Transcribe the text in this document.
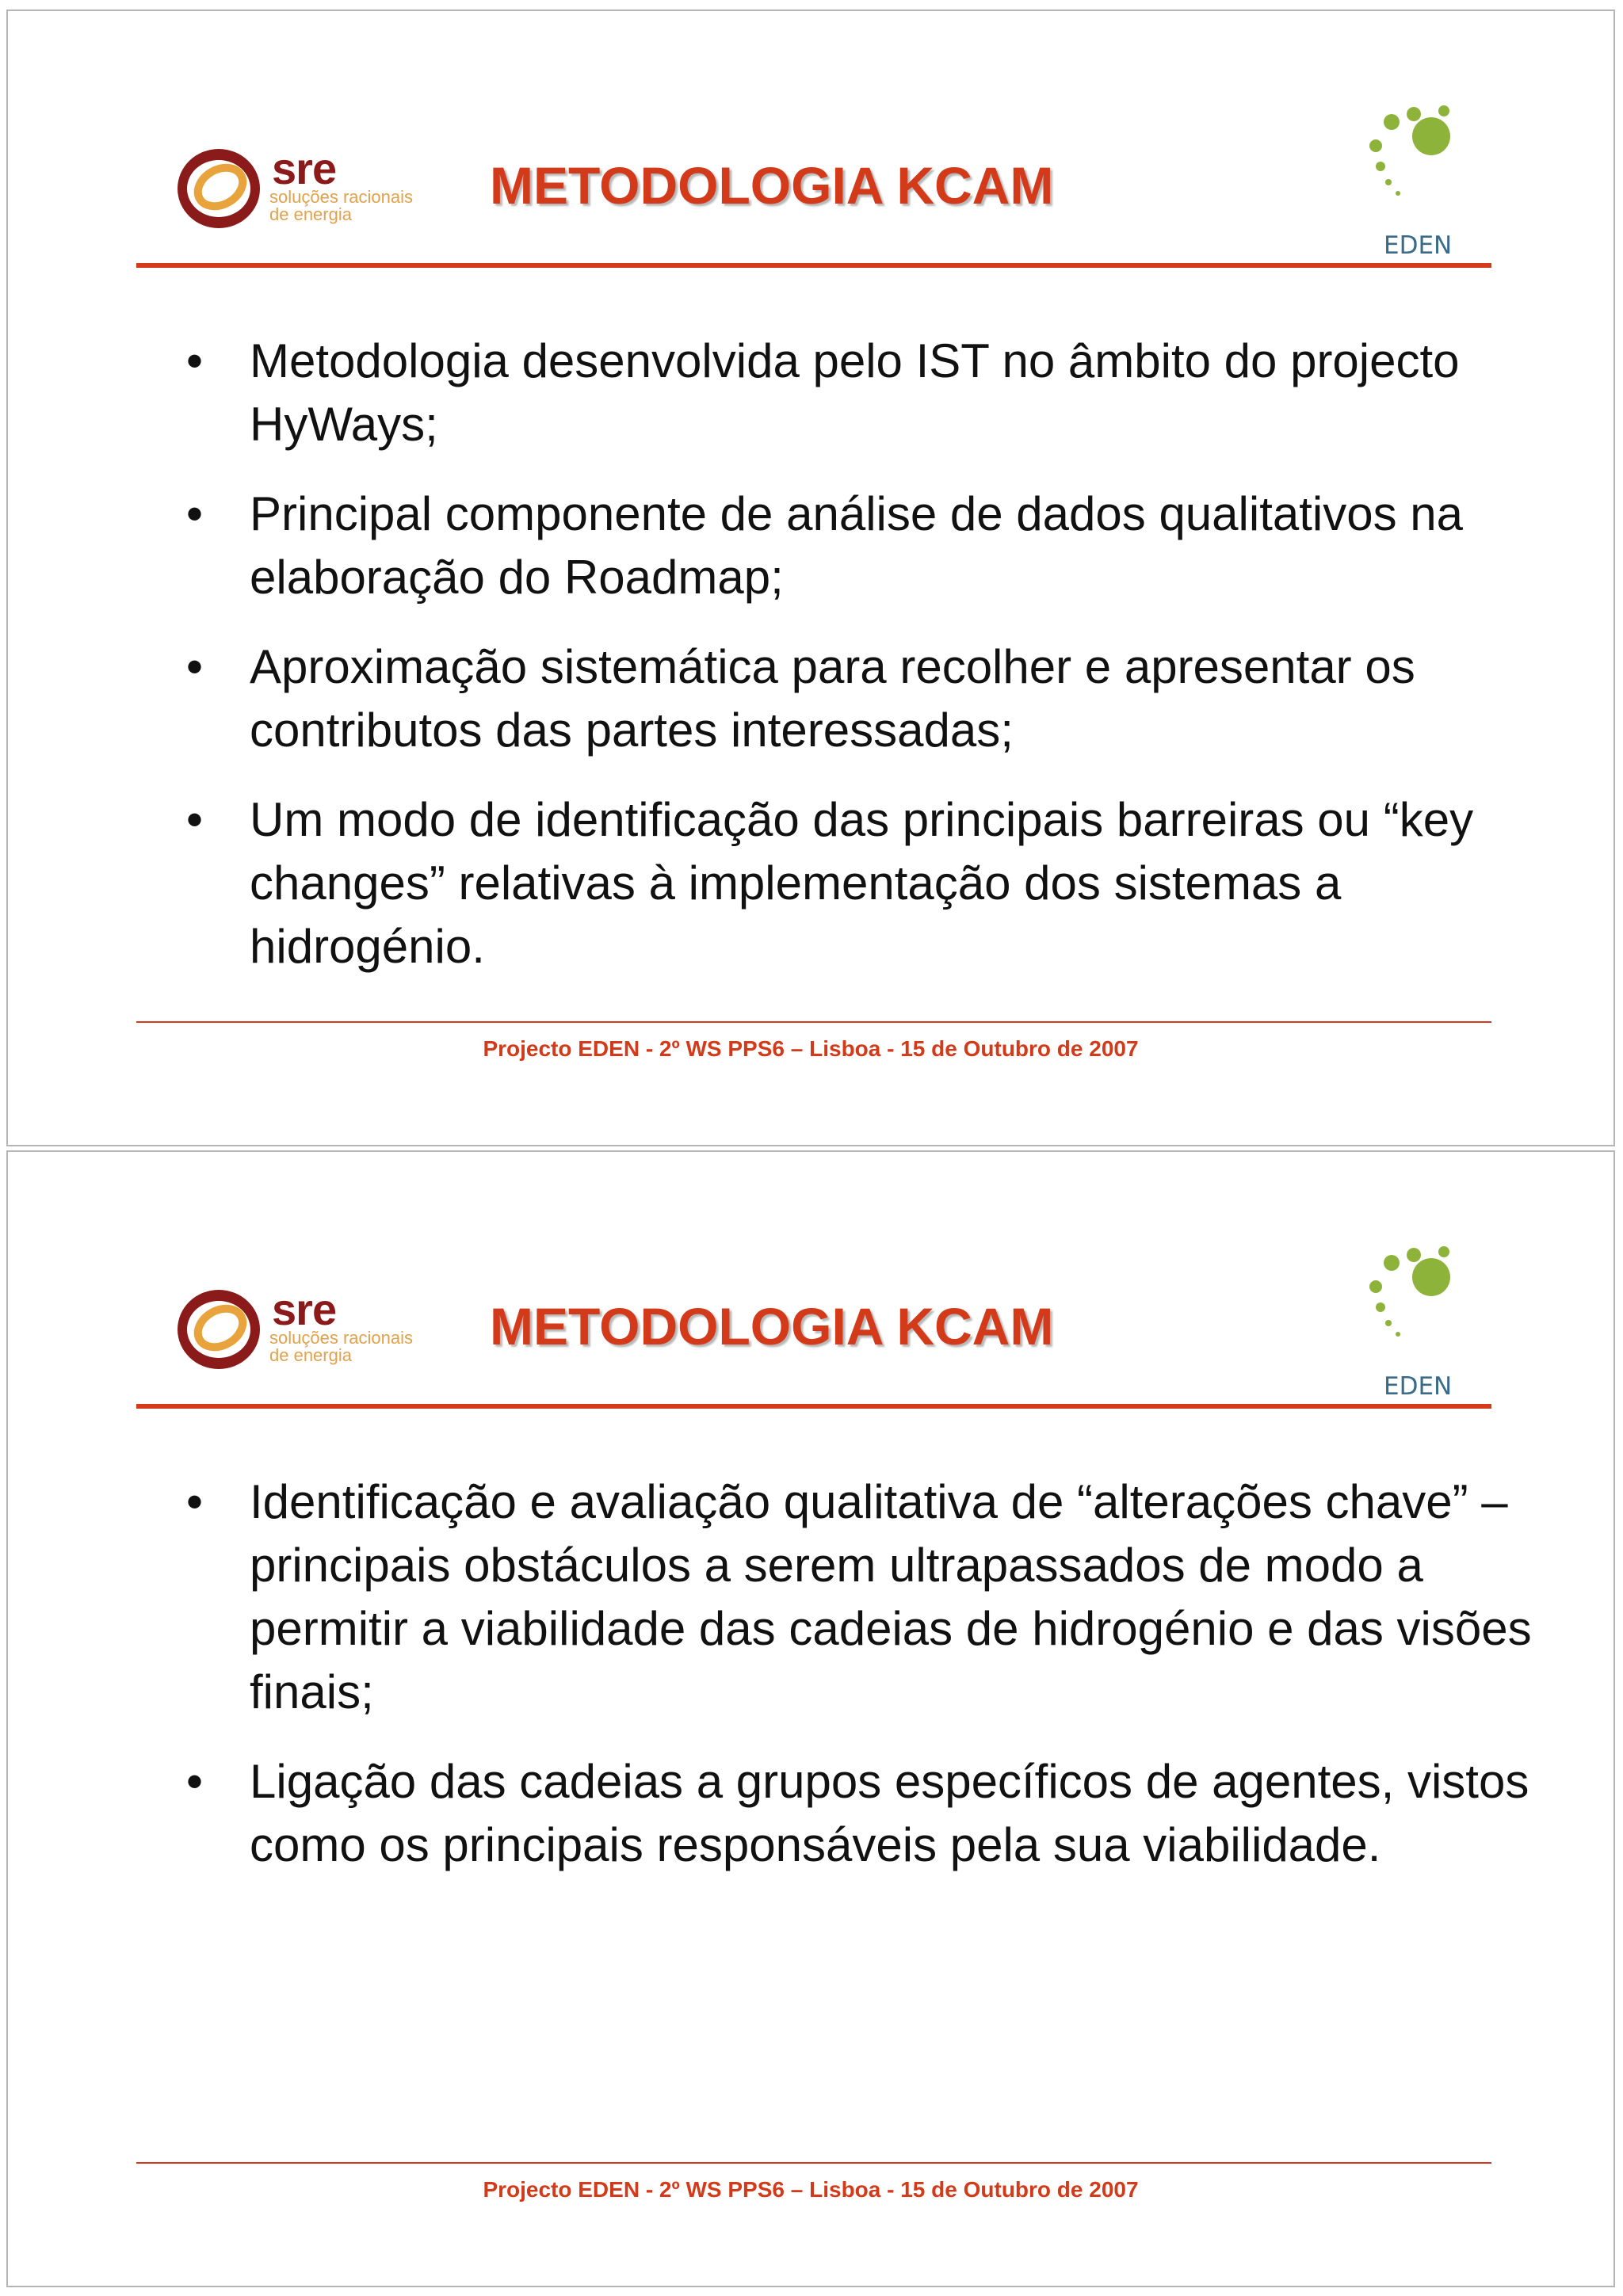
sre
soluções racionais
de energia	METODOLOGIA KCAM
EDEN
• Metodologia desenvolvida pelo IST no âmbito do projecto HyWays;
• Principal componente de análise de dados qualitativos na elaboração do Roadmap;
• Aproximação sistemática para recolher e apresentar os contributos das partes interessadas;
• Um modo de identificação das principais barreiras ou “key changes” relativas à implementação dos sistemas a hidrogénio.
Projecto EDEN - 2º WS PPS6 – Lisboa - 15 de Outubro de 2007
sre
soluções racionais
de energia	METODOLOGIA KCAM
EDEN
• Identificação e avaliação qualitativa de “alterações chave” – principais obstáculos a serem ultrapassados de modo a permitir a viabilidade das cadeias de hidrogénio e das visões finais;
• Ligação das cadeias a grupos específicos de agentes, vistos como os principais responsáveis pela sua viabilidade.
Projecto EDEN - 2º WS PPS6 – Lisboa - 15 de Outubro de 2007
